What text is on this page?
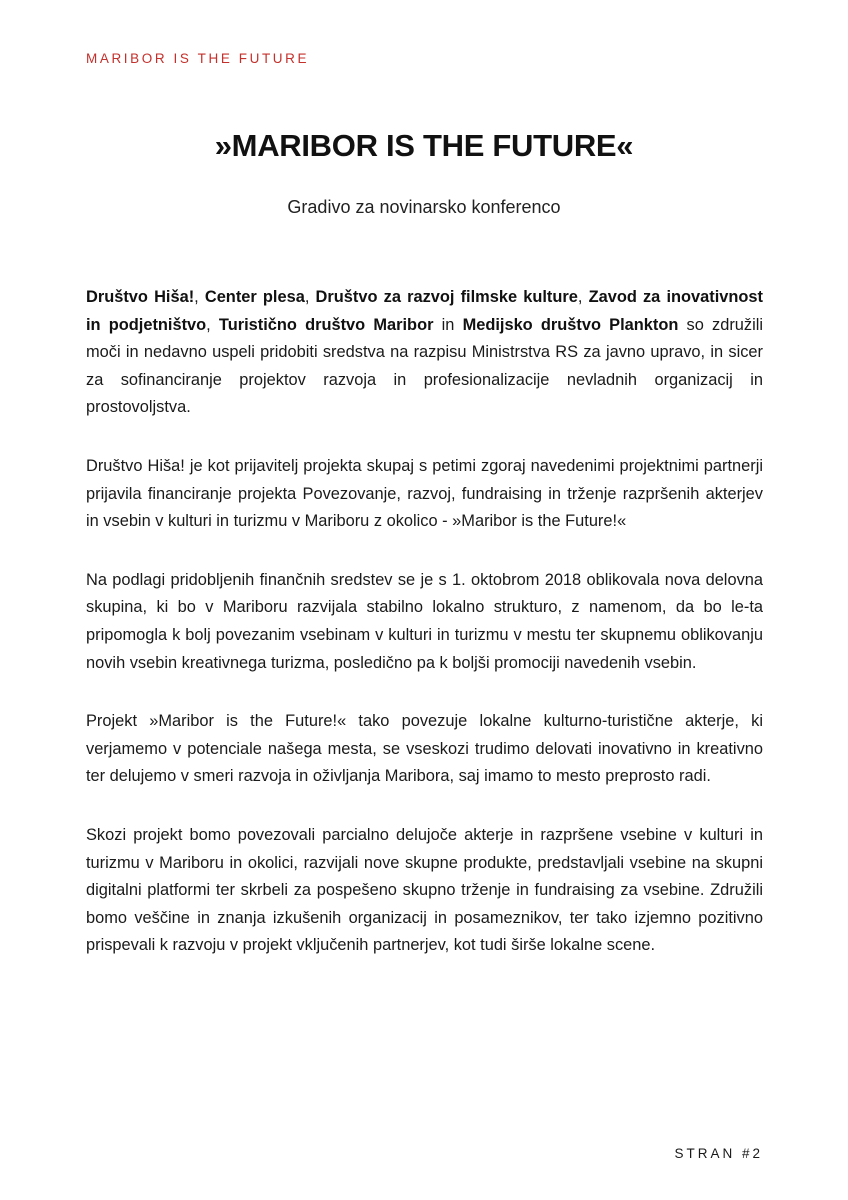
MARIBOR IS THE FUTURE
»MARIBOR IS THE FUTURE«
Gradivo za novinarsko konferenco

Društvo Hiša!, Center plesa, Društvo za razvoj filmske kulture, Zavod za inovativnost in podjetništvo, Turistično društvo Maribor in Medijsko društvo Plankton so združili moči in nedavno uspeli pridobiti sredstva na razpisu Ministrstva RS za javno upravo, in sicer za sofinanciranje projektov razvoja in profesionalizacije nevladnih organizacij in prostovoljstva.

Društvo Hiša! je kot prijavitelj projekta skupaj s petimi zgoraj navedenimi projektnimi partnerji prijavila financiranje projekta Povezovanje, razvoj, fundraising in trženje razpršenih akterjev in vsebin v kulturi in turizmu v Mariboru z okolico - »Maribor is the Future!«

Na podlagi pridobljenih finančnih sredstev se je s 1. oktobrom 2018 oblikovala nova delovna skupina, ki bo v Mariboru razvijala stabilno lokalno strukturo, z namenom, da bo le-ta pripomogla k bolj povezanim vsebinam v kulturi in turizmu v mestu ter skupnemu oblikovanju novih vsebin kreativnega turizma, posledično pa k boljši promociji navedenih vsebin.

Projekt »Maribor is the Future!« tako povezuje lokalne kulturno-turistične akterje, ki verjamemo v potenciale našega mesta, se vseskozi trudimo delovati inovativno in kreativno ter delujemo v smeri razvoja in oživljanja Maribora, saj imamo to mesto preprosto radi.

Skozi projekt bomo povezovali parcialno delujoče akterje in razpršene vsebine v kulturi in turizmu v Mariboru in okolici, razvijali nove skupne produkte, predstavljali vsebine na skupni digitalni platformi ter skrbeli za pospešeno skupno trženje in fundraising za vsebine. Združili bomo veščine in znanja izkušenih organizacij in posameznikov, ter tako izjemno pozitivno prispevali k razvoju v projekt vključenih partnerjev, kot tudi širše lokalne scene.

STRAN #2
